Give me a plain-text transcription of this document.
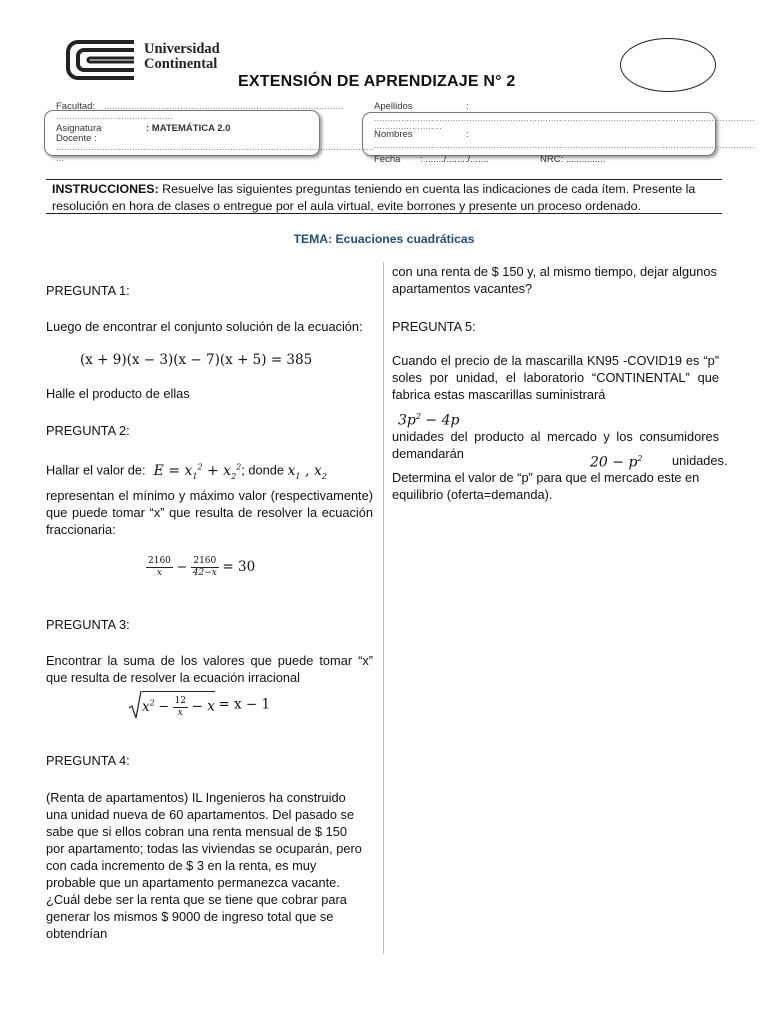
Universidad
Continental
EXTENSIÓN DE APRENDIZAJE N° 2
Facultad: ........................................................................................
...........................................
Asignatura	: MATEMÁTICA 2.0
Docente :
.....................................................................................................................
...
Apellidos	:
............................................................................................................................................
.........................
Nombres	:
............................................................................................................................................
Fecha : ......./......../.......	NRC: ...............
INSTRUCCIONES: Resuelve las siguientes preguntas teniendo en cuenta las indicaciones de cada ítem. Presente la resolución en hora de clases o entregue por el aula virtual, evite borrones y presente un proceso ordenado.
TEMA: Ecuaciones cuadráticas
PREGUNTA 1:
Luego de encontrar el conjunto solución de la ecuación:
(x + 9)(x − 3)(x − 7)(x + 5) = 385
Halle el producto de ellas
PREGUNTA 2:
Hallar el valor de:  $E = x_1^2 + x_2^2$; donde $x_1$ , $x_2$
representan el mínimo y máximo valor (respectivamente) que puede tomar “x” que resulta de resolver la ecuación fraccionaria:
$\frac{2160}{x} - \frac{2160}{42-x} = 30$
PREGUNTA 3:
Encontrar la suma de los valores que puede tomar “x” que resulta de resolver la ecuación irracional
$x^2 - \frac{12}{x} - x = x - 1$
PREGUNTA 4:
(Renta de apartamentos) IL Ingenieros ha construido una unidad nueva de 60 apartamentos. Del pasado se sabe que si ellos cobran una renta mensual de $ 150 por apartamento; todas las viviendas se ocuparán, pero con cada incremento de $ 3 en la renta, es muy probable que un apartamento permanezca vacante. ¿Cuál debe ser la renta que se tiene que cobrar para generar los mismos $ 9000 de ingreso total que se obtendrían
con una renta de $ 150 y, al mismo tiempo, dejar algunos apartamentos vacantes?
PREGUNTA 5:
Cuando el precio de la mascarilla KN95 -COVID19 es “p” soles por unidad, el laboratorio “CONTINENTAL” que fabrica estas mascarillas suministrará
$3p^2 - 4p$
unidades del producto al mercado y los consumidores demandarán
$20 - p^2$	unidades. Determina el valor de “p” para que el mercado este en equilibrio (oferta=demanda).
